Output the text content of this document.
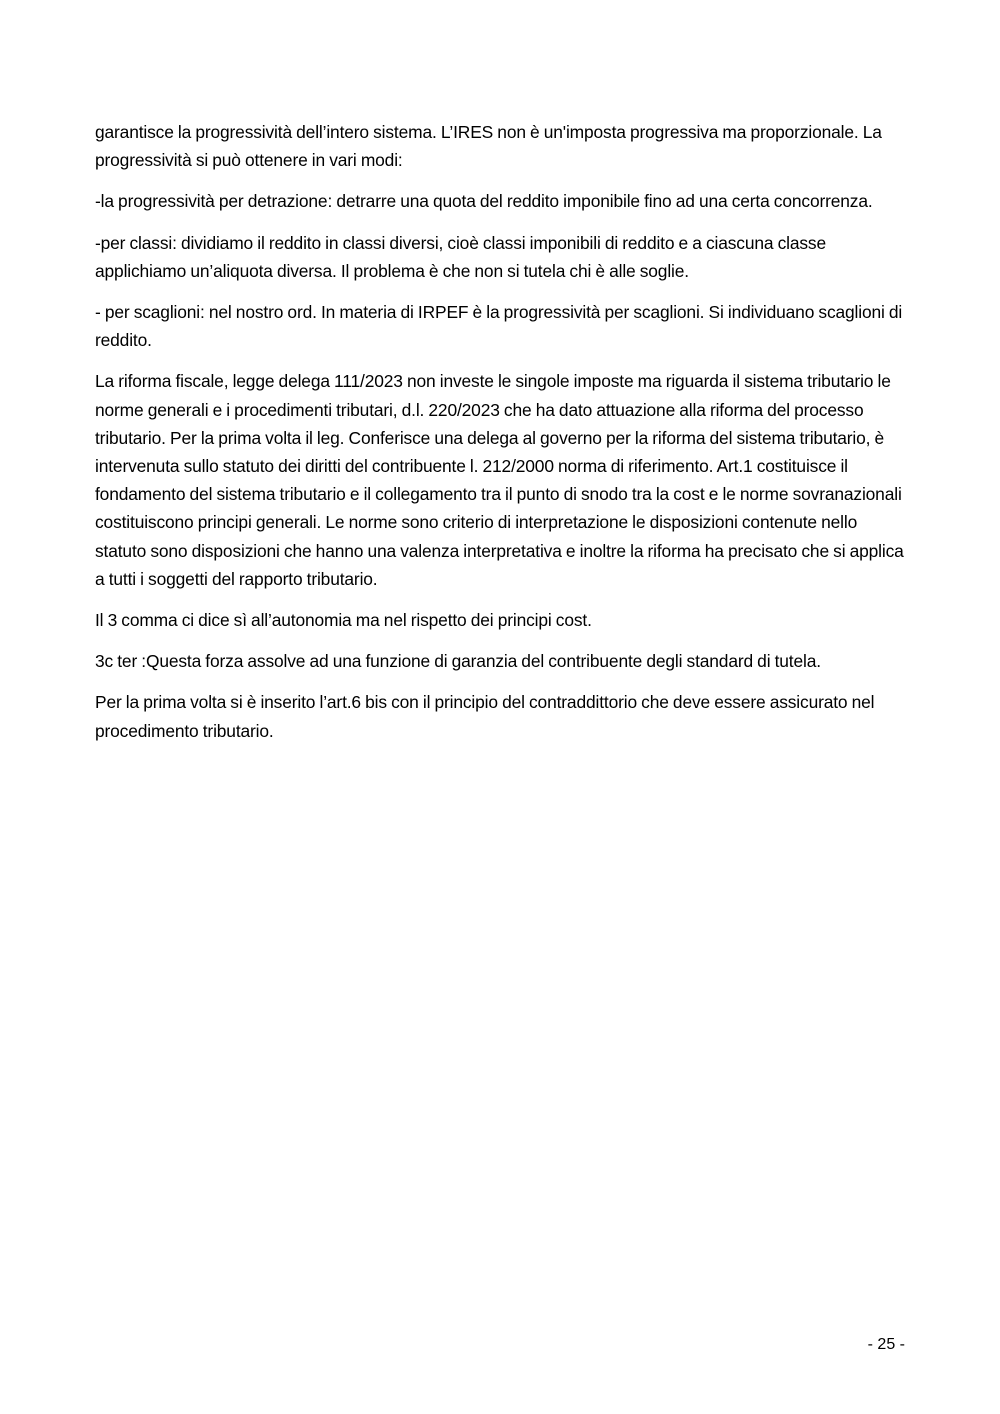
garantisce la progressività dell’intero sistema. L’IRES non è un'imposta progressiva ma proporzionale. La progressività si può ottenere in vari modi:

-la progressività per detrazione: detrarre una quota del reddito imponibile fino ad una certa concorrenza.

-per classi: dividiamo il reddito in classi diversi, cioè classi imponibili di reddito e a ciascuna classe applichiamo un’aliquota diversa. Il problema è che non si tutela chi è alle soglie.

- per scaglioni: nel nostro ord. In materia di IRPEF è la progressività per scaglioni. Si individuano scaglioni di reddito.

La riforma fiscale, legge delega 111/2023 non investe le singole imposte ma riguarda il sistema tributario le norme generali e i procedimenti tributari, d.l. 220/2023 che ha dato attuazione alla riforma del processo tributario. Per la prima volta il leg. Conferisce una delega al governo per la riforma del sistema tributario, è intervenuta sullo statuto dei diritti del contribuente l. 212/2000 norma di riferimento. Art.1 costituisce il fondamento del sistema tributario e il collegamento tra il punto di snodo tra la cost e le norme sovranazionali costituiscono principi generali. Le norme sono criterio di interpretazione le disposizioni contenute nello statuto sono disposizioni che hanno una valenza interpretativa e inoltre la riforma ha precisato che si applica a tutti i soggetti del rapporto tributario.

Il 3 comma ci dice sì all’autonomia ma nel rispetto dei principi cost.

3c ter :Questa forza assolve ad una funzione di garanzia del contribuente degli standard di tutela.

Per la prima volta si è inserito l’art.6 bis con il principio del contraddittorio che deve essere assicurato nel procedimento tributario.

- 25 -
